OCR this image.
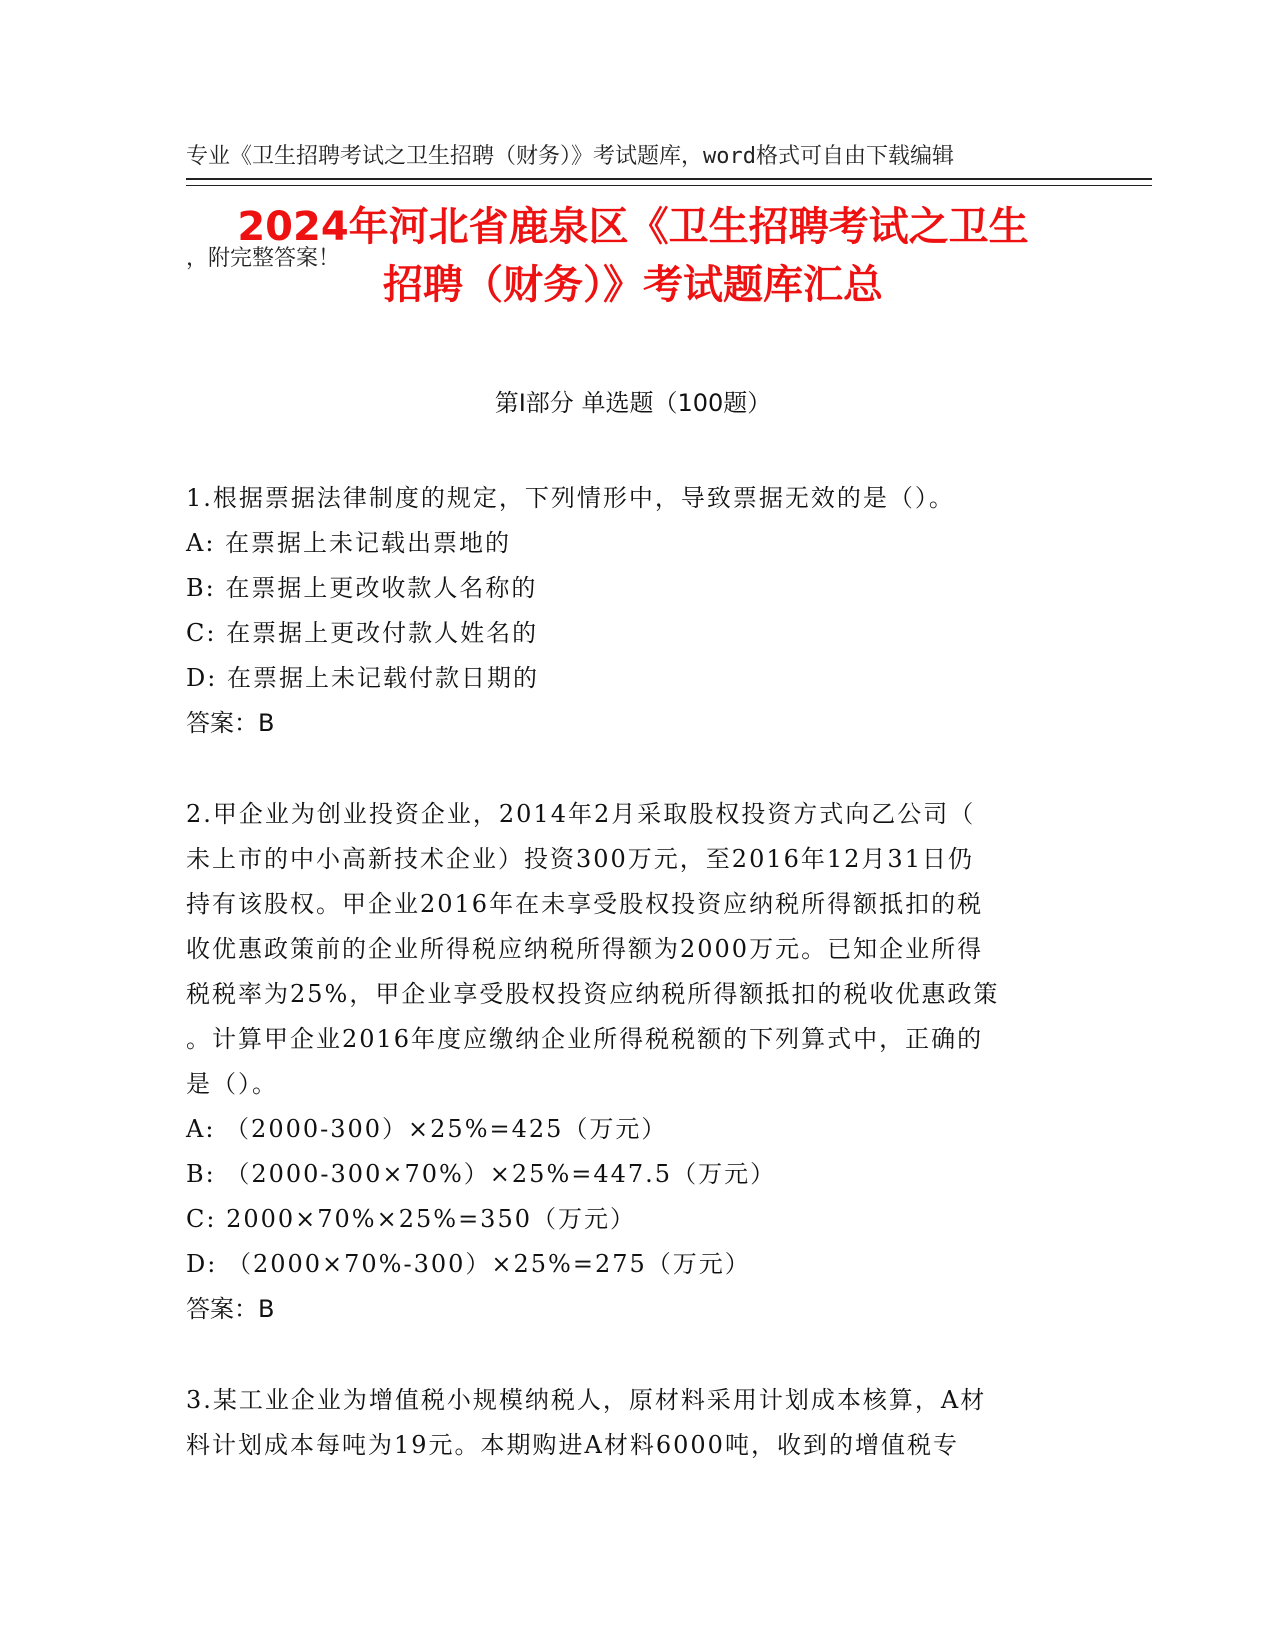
专业《卫生招聘考试之卫生招聘（财务）》考试题库，word格式可自由下载编辑

，附完整答案！

2024年河北省鹿泉区《卫生招聘考试之卫生
招聘（财务）》考试题库汇总
第I部分 单选题（100题）
1.根据票据法律制度的规定，下列情形中，导致票据无效的是（）。
A: 在票据上未记载出票地的
B: 在票据上更改收款人名称的
C: 在票据上更改付款人姓名的
D: 在票据上未记载付款日期的
答案：B
2.甲企业为创业投资企业，2014年2月采取股权投资方式向乙公司（
未上市的中小高新技术企业）投资300万元，至2016年12月31日仍
持有该股权。甲企业2016年在未享受股权投资应纳税所得额抵扣的税
收优惠政策前的企业所得税应纳税所得额为2000万元。已知企业所得
税税率为25%，甲企业享受股权投资应纳税所得额抵扣的税收优惠政策
。计算甲企业2016年度应缴纳企业所得税税额的下列算式中，正确的
是（）。
A: （2000-300）×25%=425（万元）
B: （2000-300×70%）×25%=447.5（万元）
C: 2000×70%×25%=350（万元）
D: （2000×70%-300）×25%=275（万元）
答案：B
3.某工业企业为增值税小规模纳税人，原材料采用计划成本核算，A材
料计划成本每吨为19元。本期购进A材料6000吨，收到的增值税专
